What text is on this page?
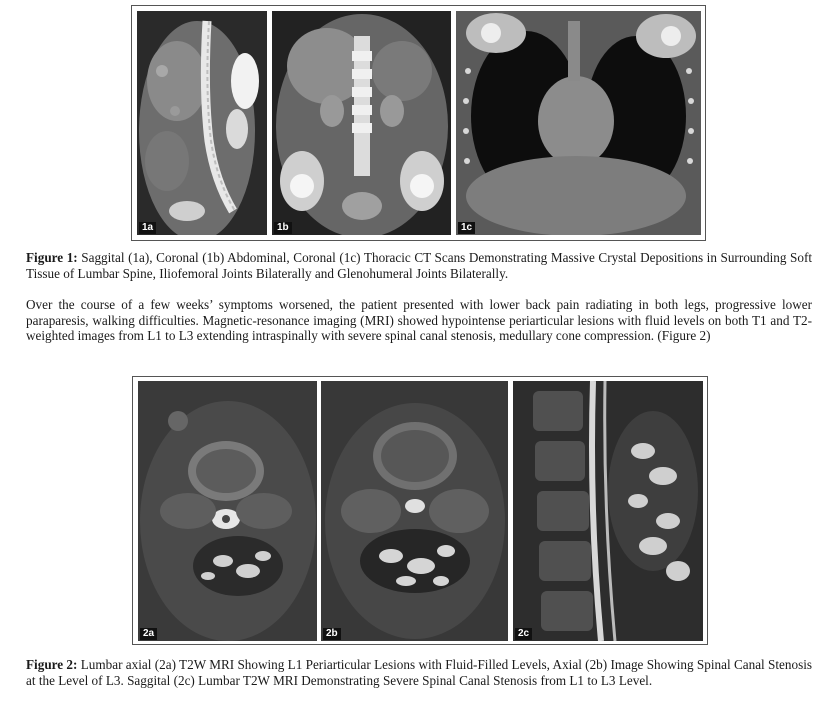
1a	1b	1c

Figure 1: Saggital (1a), Coronal (1b) Abdominal, Coronal (1c) Thoracic CT Scans Demonstrating Massive Crystal Depositions in Surrounding Soft Tissue of Lumbar Spine, Iliofemoral Joints Bilaterally and Glenohumeral Joints Bilaterally.

Over the course of a few weeks’ symptoms worsened, the patient presented with lower back pain radiating in both legs, progressive lower paraparesis, walking difficulties. Magnetic-resonance imaging (MRI) showed hypointense periarticular lesions with fluid levels on both T1 and T2-weighted images from L1 to L3 extending intraspinally with severe spinal canal stenosis, medullary cone compression. (Figure 2)

2a	2b	2c

Figure 2: Lumbar axial (2a) T2W MRI Showing L1 Periarticular Lesions with Fluid-Filled Levels, Axial (2b) Image Showing Spinal Canal Stenosis at the Level of L3. Saggital (2c) Lumbar T2W MRI Demonstrating Severe Spinal Canal Stenosis from L1 to L3 Level.
